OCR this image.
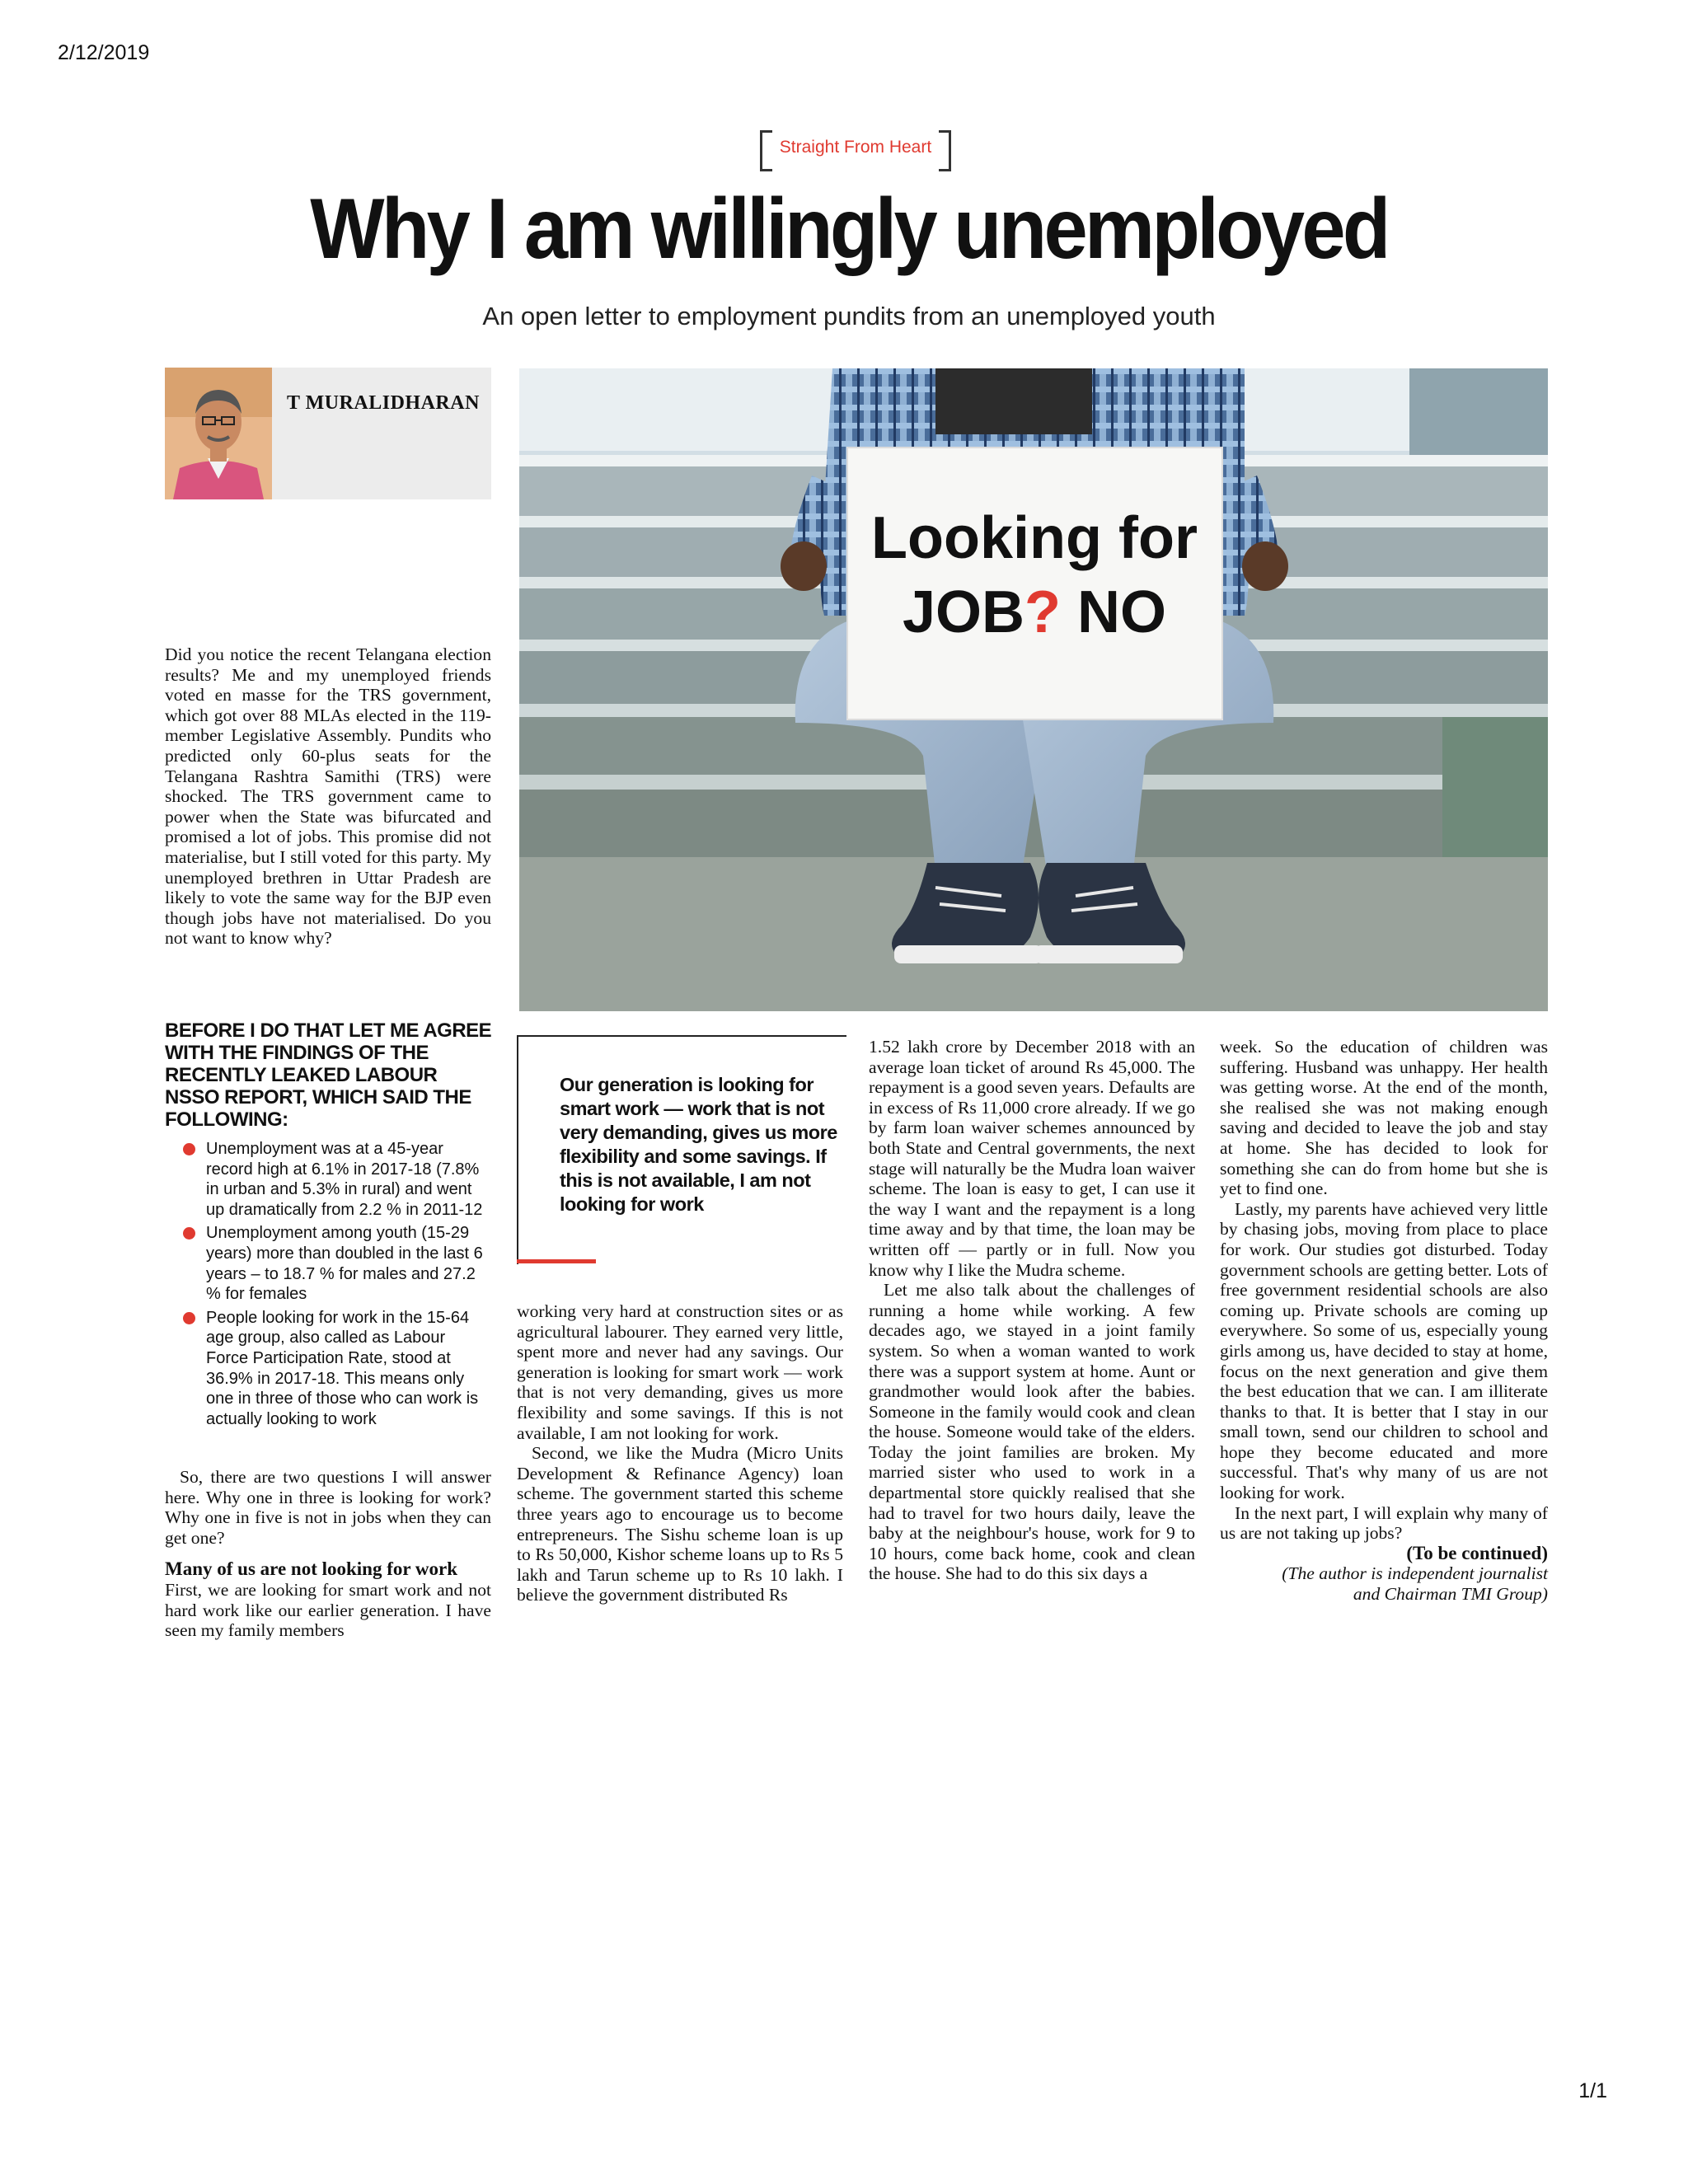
2/12/2019
1/1
Straight From Heart
Why I am willingly unemployed
An open letter to employment pundits from an unemployed youth
T MURALIDHARAN
Looking for
JOB? NO

Did you notice the recent Telangana election results? Me and my unemployed friends voted en masse for the TRS government, which got over 88 MLAs elected in the 119-member Legislative Assembly. Pundits who predicted only 60-plus seats for the Telangana Rashtra Samithi (TRS) were shocked. The TRS government came to power when the State was bifurcated and promised a lot of jobs. This promise did not materialise, but I still voted for this party. My unemployed brethren in Uttar Pradesh are likely to vote the same way for the BJP even though jobs have not materialised. Do you not want to know why?

BEFORE I DO THAT LET ME AGREE WITH THE FINDINGS OF THE RECENTLY LEAKED LABOUR NSSO REPORT, WHICH SAID THE FOLLOWING:
Unemployment was at a 45-year record high at 6.1% in 2017-18 (7.8% in urban and 5.3% in rural) and went up dramatically from 2.2 % in 2011-12
Unemployment among youth (15-29 years) more than doubled in the last 6 years – to 18.7 % for males and 27.2 % for females
People looking for work in the 15-64 age group, also called as Labour Force Participation Rate, stood at 36.9% in 2017-18. This means only one in three of those who can work is actually looking to work

So, there are two questions I will answer here. Why one in three is looking for work? Why one in five is not in jobs when they can get one?

Many of us are not looking for work

First, we are looking for smart work and not hard work like our earlier generation. I have seen my family members

Our generation is looking for smart work — work that is not very demanding, gives us more flexibility and some savings. If this is not available, I am not looking for work

working very hard at construction sites or as agricultural labourer. They earned very little, spent more and never had any savings. Our generation is looking for smart work — work that is not very demanding, gives us more flexibility and some savings. If this is not available, I am not looking for work.

Second, we like the Mudra (Micro Units Development & Refinance Agency) loan scheme. The government started this scheme three years ago to encourage us to become entrepreneurs. The Sishu scheme loan is up to Rs 50,000, Kishor scheme loans up to Rs 5 lakh and Tarun scheme up to Rs 10 lakh. I believe the government distributed Rs

1.52 lakh crore by December 2018 with an average loan ticket of around Rs 45,000. The repayment is a good seven years. Defaults are in excess of Rs 11,000 crore already. If we go by farm loan waiver schemes announced by both State and Central governments, the next stage will naturally be the Mudra loan waiver scheme. The loan is easy to get, I can use it the way I want and the repayment is a long time away and by that time, the loan may be written off — partly or in full. Now you know why I like the Mudra scheme.

Let me also talk about the challenges of running a home while working. A few decades ago, we stayed in a joint family system. So when a woman wanted to work there was a support system at home. Aunt or grandmother would look after the babies. Someone in the family would cook and clean the house. Someone would take of the elders. Today the joint families are broken. My married sister who used to work in a departmental store quickly realised that she had to travel for two hours daily, leave the baby at the neighbour's house, work for 9 to 10 hours, come back home, cook and clean the house. She had to do this six days a

week. So the education of children was suffering. Husband was unhappy. Her health was getting worse. At the end of the month, she realised she was not making enough saving and decided to leave the job and stay at home. She has decided to look for something she can do from home but she is yet to find one.

Lastly, my parents have achieved very little by chasing jobs, moving from place to place for work. Our studies got disturbed. Today government schools are getting better. Lots of free government residential schools are also coming up. Private schools are coming up everywhere. So some of us, especially young girls among us, have decided to stay at home, focus on the next generation and give them the best education that we can. I am illiterate thanks to that. It is better that I stay in our small town, send our children to school and hope they become educated and more successful. That's why many of us are not looking for work.

In the next part, I will explain why many of us are not taking up jobs?

(To be continued)

(The author is independent journalist

and Chairman TMI Group)
